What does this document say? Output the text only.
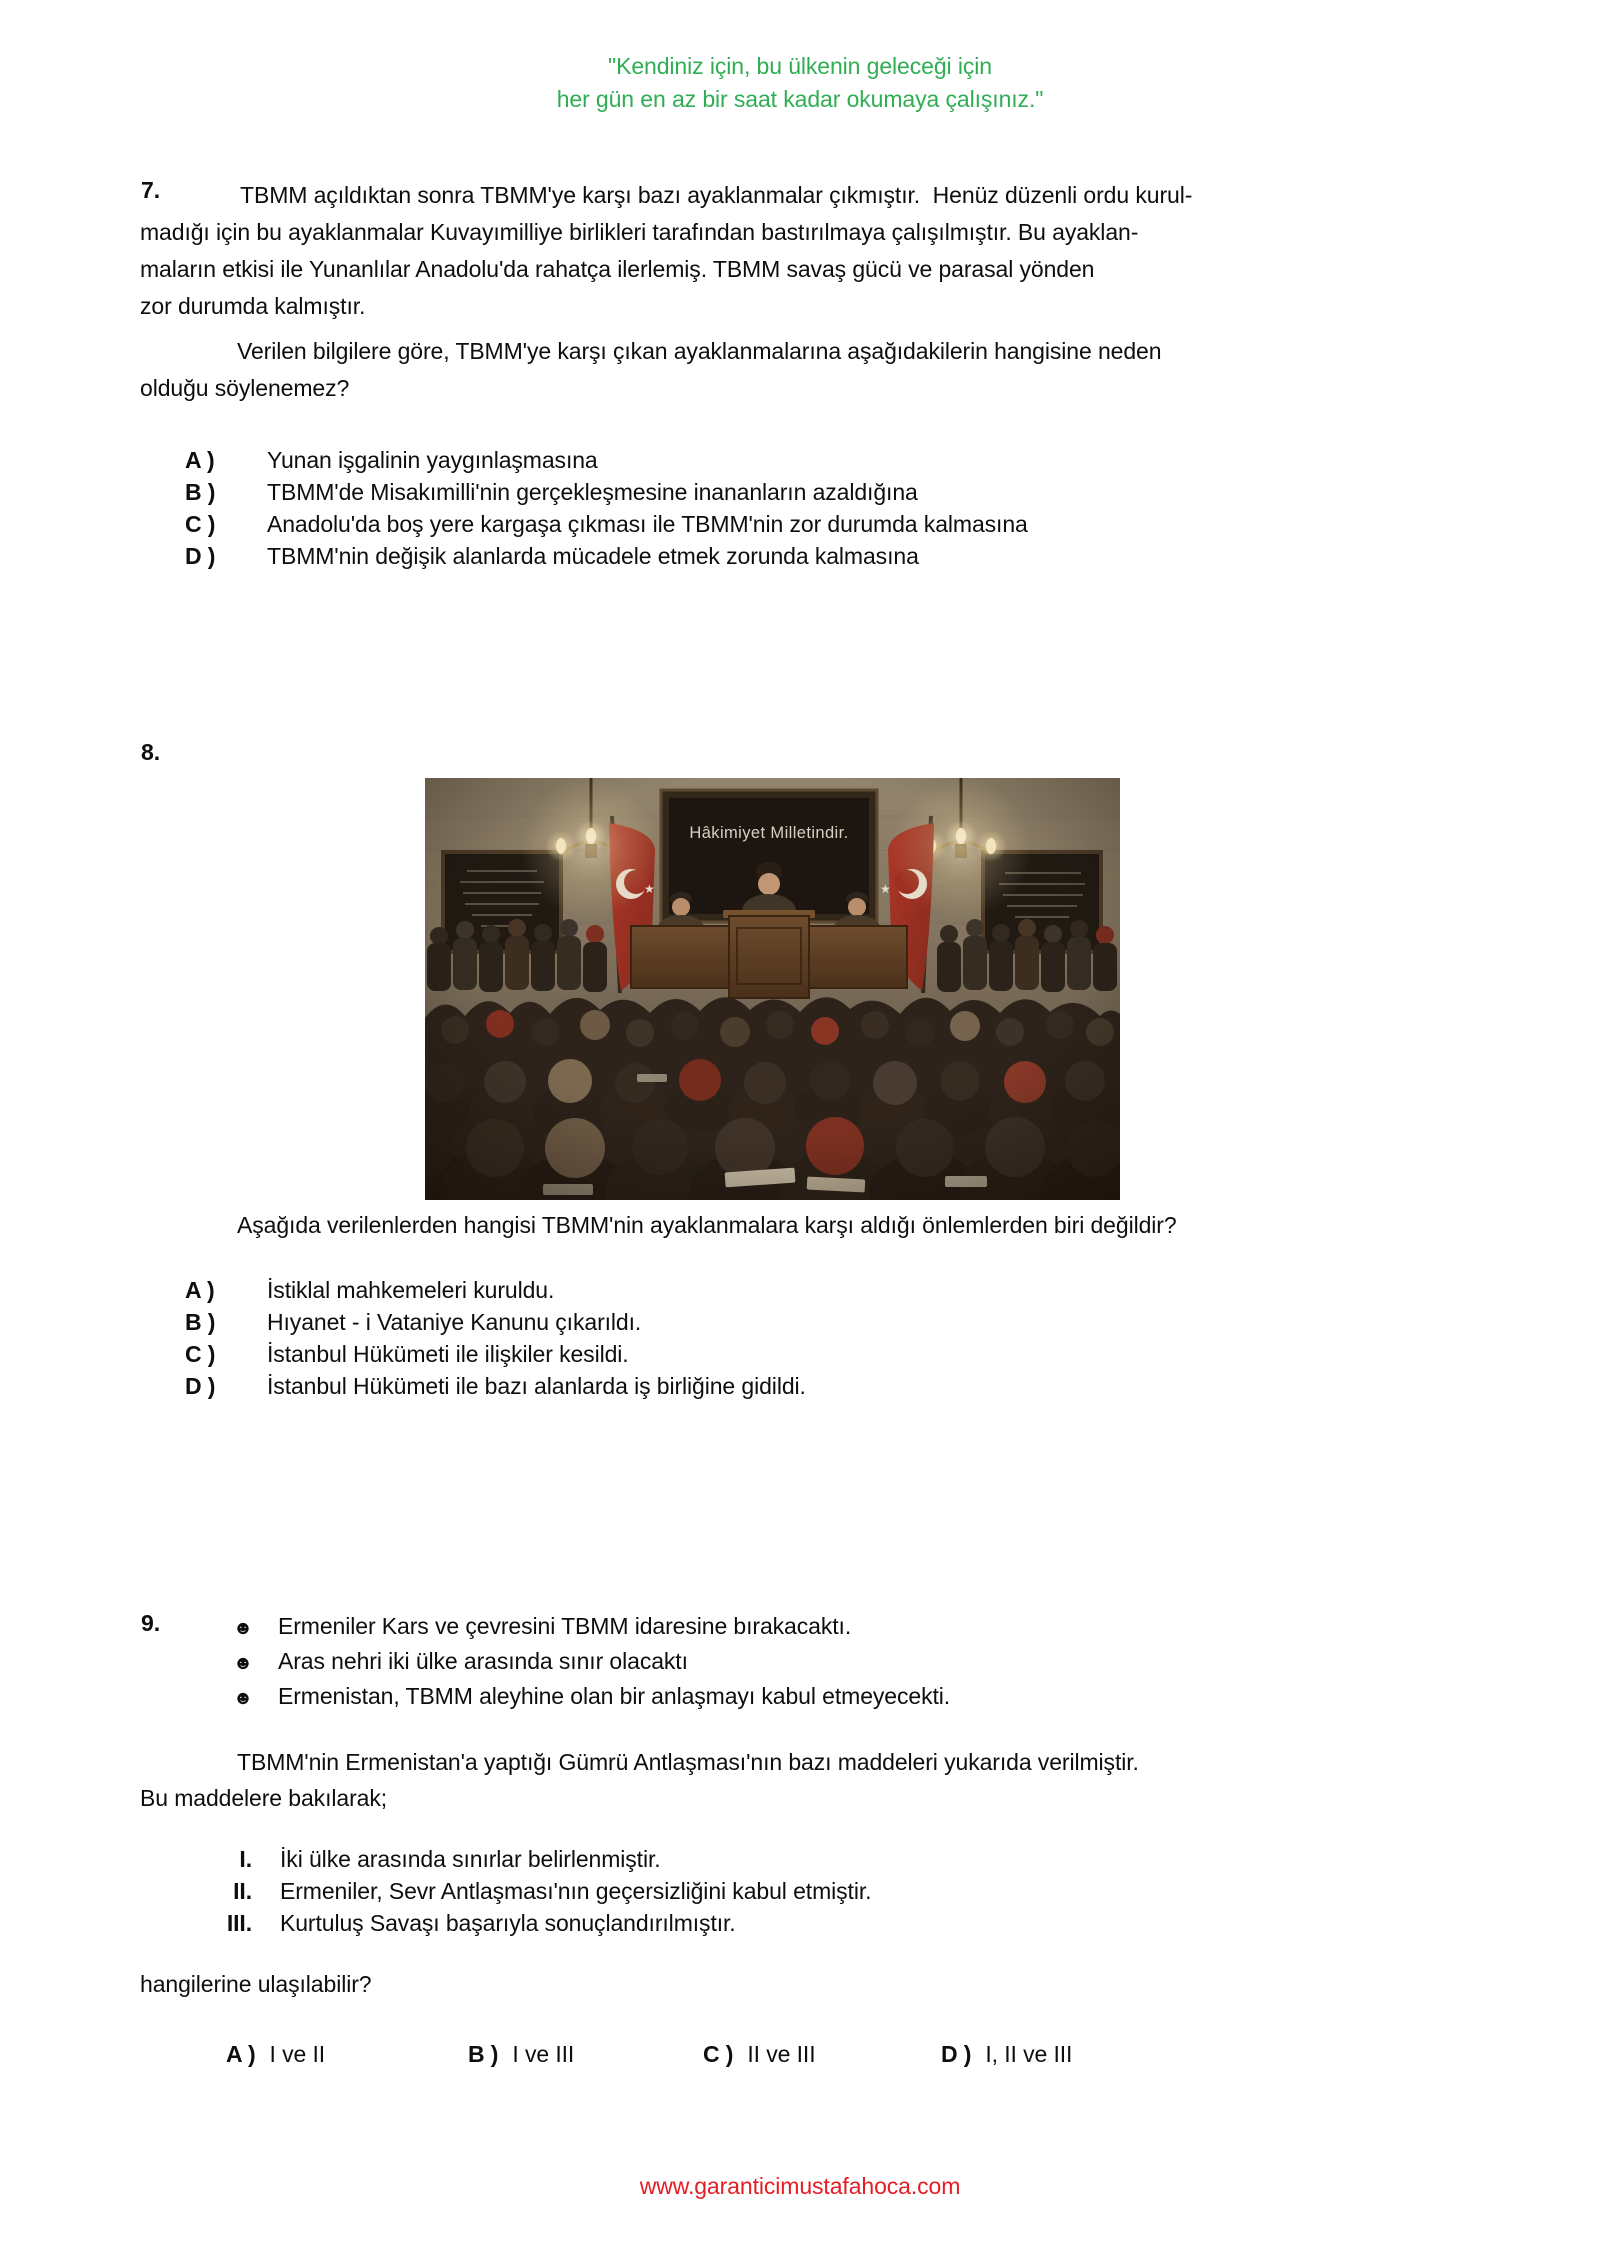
"Kendiniz için, bu ülkenin geleceği için
her gün en az bir saat kadar okumaya çalışınız."
7.	TBMM açıldıktan sonra TBMM'ye karşı bazı ayaklanmalar çıkmıştır.  Henüz düzenli ordu kurul-
madığı için bu ayaklanmalar Kuvayımilliye birlikleri tarafından bastırılmaya çalışılmıştır. Bu ayaklan-
maların etkisi ile Yunanlılar Anadolu'da rahatça ilerlemiş. TBMM savaş gücü ve parasal yönden
zor durumda kalmıştır.
Verilen bilgilere göre, TBMM'ye karşı çıkan ayaklanmalarına aşağıdakilerin hangisine neden
olduğu söylenemez?
A ) Yunan işgalinin yaygınlaşmasına
B ) TBMM'de Misakımilli'nin gerçekleşmesine inananların azaldığına
C ) Anadolu'da boş yere kargaşa çıkması ile TBMM'nin zor durumda kalmasına
D ) TBMM'nin değişik alanlarda mücadele etmek zorunda kalmasına
8.
Aşağıda verilenlerden hangisi TBMM'nin ayaklanmalara karşı aldığı önlemlerden biri değildir?
A ) İstiklal mahkemeleri kuruldu.
B ) Hıyanet - i Vataniye Kanunu çıkarıldı.
C ) İstanbul Hükümeti ile ilişkiler kesildi.
D ) İstanbul Hükümeti ile bazı alanlarda iş birliğine gidildi.
9.	☻ Ermeniler Kars ve çevresini TBMM idaresine bırakacaktı.
☻ Aras nehri iki ülke arasında sınır olacaktı
☻ Ermenistan, TBMM aleyhine olan bir anlaşmayı kabul etmeyecekti.
TBMM'nin Ermenistan'a yaptığı Gümrü Antlaşması'nın bazı maddeleri yukarıda verilmiştir.
Bu maddelere bakılarak;
I. İki ülke arasında sınırlar belirlenmiştir.
II. Ermeniler, Sevr Antlaşması'nın geçersizliğini kabul etmiştir.
III. Kurtuluş Savaşı başarıyla sonuçlandırılmıştır.
hangilerine ulaşılabilir?
A ) I ve II	B ) I ve III	C ) II ve III	D ) I, II ve III
www.garanticimustafahoca.com
